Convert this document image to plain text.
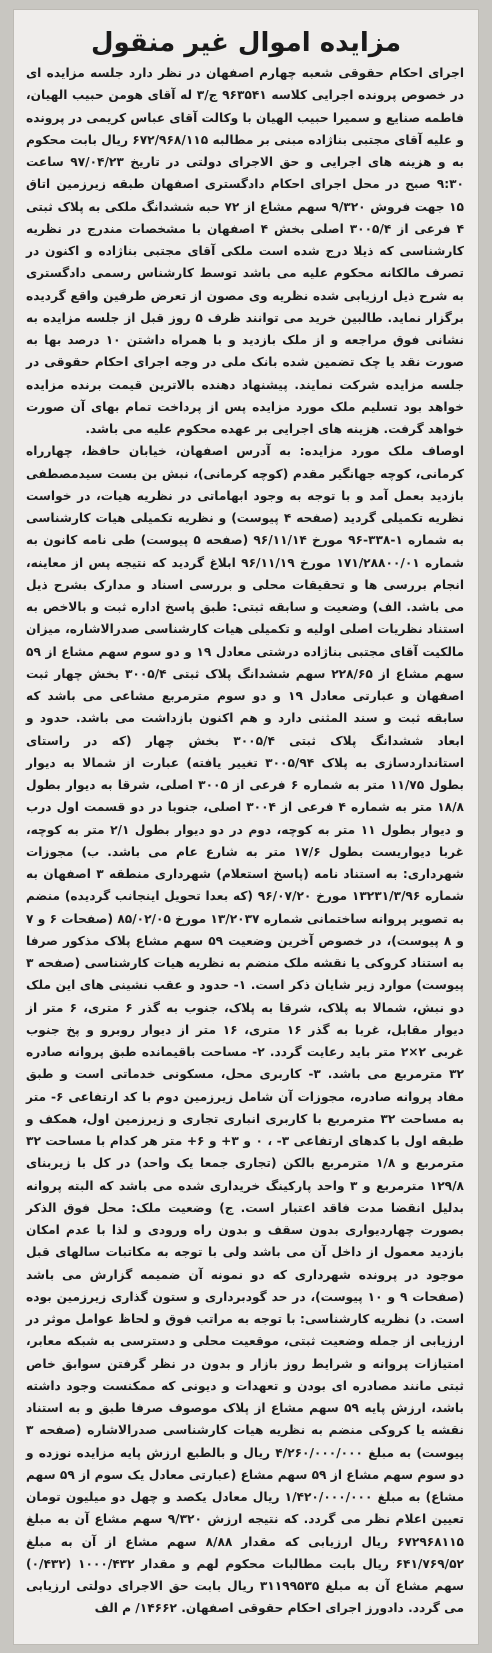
مزایده اموال غیر منقول

اجرای احکام حقوقی شعبه چهارم اصفهان در نظر دارد جلسه مزایده ای در خصوص پرونده اجرایی کلاسه ۹۶۳۵۴۱ ج/۳ له آقای هومن حبیب الهیان، فاطمه صنایع و سمیرا حبیب الهیان با وکالت آقای عباس کریمی در پرونده و علیه آقای مجتبی بناژاده مبنی بر مطالبه ۶۷۲/۹۶۸/۱۱۵ ریال بابت محکوم به و هزینه های اجرایی و حق الاجرای دولتی در تاریخ ۹۷/۰۴/۲۳ ساعت ۹:۳۰ صبح در محل اجرای احکام دادگستری اصفهان طبقه زیرزمین اتاق ۱۵ جهت فروش ۹/۳۲۰ سهم مشاع از ۷۲ حبه ششدانگ ملکی به پلاک ثبتی ۴ فرعی از ۳۰۰۵/۴ اصلی بخش ۴ اصفهان با مشخصات مندرج در نظریه کارشناسی که ذیلا درج شده است ملکی آقای مجتبی بناژاده و اکنون در تصرف مالکانه محکوم علیه می باشد توسط کارشناس رسمی دادگستری به شرح ذیل ارزیابی شده نظریه وی مصون از تعرض طرفین واقع گردیده برگزار نماید. طالبین خرید می توانند ظرف ۵ روز قبل از جلسه مزایده به نشانی فوق مراجعه و از ملک بازدید و با همراه داشتن ۱۰ درصد بها به صورت نقد یا چک تضمین شده بانک ملی در وجه اجرای احکام حقوقی در جلسه مزایده شرکت نمایند. پیشنهاد دهنده بالاترین قیمت برنده مزایده خواهد بود تسلیم ملک مورد مزایده پس از پرداخت تمام بهای آن صورت خواهد گرفت. هزینه های اجرایی بر عهده محکوم علیه می باشد.
اوصاف ملک مورد مزایده: به آدرس اصفهان، خیابان حافظ، چهارراه کرمانی، کوچه جهانگیر مقدم (کوچه کرمانی)، نبش بن بست سیدمصطفی بازدید بعمل آمد و با توجه به وجود ابهاماتی در نظریه هیات، در خواست نظریه تکمیلی گردید (صفحه ۴ پیوست) و نظریه تکمیلی هیات کارشناسی به شماره ۱-۳۳۸-۹۶ مورخ ۹۶/۱۱/۱۴ (صفحه ۵ پیوست) طی نامه کانون به شماره ۱۷۱/۲۸۸۰۰/۰۱ مورخ ۹۶/۱۱/۱۹ ابلاغ گردید که نتیجه پس از معاینه، انجام بررسی ها و تحقیقات محلی و بررسی اسناد و مدارک بشرح ذیل می باشد. الف) وضعیت و سابقه ثبتی: طبق پاسخ اداره ثبت و بالاخص به استناد نظریات اصلی اولیه و تکمیلی هیات کارشناسی صدرالاشاره، میزان مالکیت آقای مجتبی بناژاده درشتی معادل ۱۹ و دو سوم سهم مشاع از ۵۹ سهم مشاع از ۲۲۸/۶۵ سهم ششدانگ پلاک ثبتی ۳۰۰۵/۴ بخش چهار ثبت اصفهان و عبارتی معادل ۱۹ و دو سوم مترمربع مشاعی می باشد که سابقه ثبت و سند المثنی دارد و هم اکنون بازداشت می باشد. حدود و ابعاد ششدانگ پلاک ثبتی ۳۰۰۵/۴ بخش چهار (که در راستای استانداردسازی به پلاک ۳۰۰۵/۹۴ تغییر یافته) عبارت از شمالا به دیوار بطول ۱۱/۷۵ متر به شماره ۶ فرعی از ۳۰۰۵ اصلی، شرقا به دیوار بطول ۱۸/۸ متر به شماره ۴ فرعی از ۳۰۰۴ اصلی، جنوبا در دو قسمت اول درب و دیوار بطول ۱۱ متر به کوچه، دوم در دو دیوار بطول ۲/۱ متر به کوچه، غربا دیواریست بطول ۱۷/۶ متر به شارع عام می باشد. ب) مجوزات شهرداری: به استناد نامه (پاسخ استعلام) شهرداری منطقه ۳ اصفهان به شماره ۱۳۲۳۱/۳/۹۶ مورخ ۹۶/۰۷/۲۰ (که بعدا تحویل اینجانب گردیده) منضم به تصویر پروانه ساختمانی شماره ۱۳/۲۰۳۷ مورخ ۸۵/۰۲/۰۵ (صفحات ۶ و ۷ و ۸ پیوست)، در خصوص آخرین وضعیت ۵۹ سهم مشاع پلاک مذکور صرفا به استناد کروکی یا نقشه ملک منضم به نظریه هیات کارشناسی (صفحه ۳ پیوست) موارد زیر شایان ذکر است. ۱- حدود و عقب نشینی های این ملک دو نبش، شمالا به پلاک، شرقا به پلاک، جنوب به گذر ۶ متری، ۶ متر از دیوار مقابل، غربا به گذر ۱۶ متری، ۱۶ متر از دیوار روبرو و پخ جنوب غربی ۲×۲ متر باید رعایت گردد. ۲- مساحت باقیمانده طبق پروانه صادره ۳۲ مترمربع می باشد. ۳- کاربری محل، مسکونی خدماتی است و طبق مفاد پروانه صادره، مجوزات آن شامل زیرزمین دوم با کد ارتفاعی ۶- متر به مساحت ۳۲ مترمربع با کاربری انباری تجاری و زیرزمین اول، همکف و طبقه اول با کدهای ارتفاعی ۳- ، ۰ و ۳+ و ۶+ متر هر کدام با مساحت ۳۲ مترمربع و ۱/۸ مترمربع بالکن (تجاری جمعا یک واحد) در کل با زیربنای ۱۲۹/۸ مترمربع و ۳ واحد پارکینگ خریداری شده می باشد که البته پروانه بدلیل انقضا مدت فاقد اعتبار است. ج) وضعیت ملک: محل فوق الذکر بصورت چهاردیواری بدون سقف و بدون راه ورودی و لذا با عدم امکان بازدید معمول از داخل آن می باشد ولی با توجه به مکاتبات سالهای قبل موجود در پرونده شهرداری که دو نمونه آن ضمیمه گزارش می باشد (صفحات ۹ و ۱۰ پیوست)، در حد گودبرداری و ستون گذاری زیرزمین بوده است. د) نظریه کارشناسی: با توجه به مراتب فوق و لحاظ عوامل موثر در ارزیابی از جمله وضعیت ثبتی، موقعیت محلی و دسترسی به شبکه معابر، امتیازات پروانه و شرایط روز بازار و بدون در نظر گرفتن سوابق خاص ثبتی مانند مصادره ای بودن و تعهدات و دیونی که ممکنست وجود داشته باشد، ارزش پایه ۵۹ سهم مشاع از پلاک موصوف صرفا طبق و به استناد نقشه یا کروکی منضم به نظریه هیات کارشناسی صدرالاشاره (صفحه ۳ پیوست) به مبلغ ۴/۲۶۰/۰۰۰/۰۰۰ ریال و بالطبع ارزش پایه مزایده نوزده و دو سوم سهم مشاع از ۵۹ سهم مشاع (عبارتی معادل یک سوم از ۵۹ سهم مشاع) به مبلغ ۱/۴۲۰/۰۰۰/۰۰۰ ریال معادل یکصد و چهل دو میلیون تومان تعیین اعلام نظر می گردد. که نتیجه ارزش ۹/۳۲۰ سهم مشاع آن به مبلغ ۶۷۲۹۶۸۱۱۵ ریال ارزیابی که مقدار ۸/۸۸ سهم مشاع از آن به مبلغ ۶۴۱/۷۶۹/۵۲ ریال بابت مطالبات محکوم لهم و مقدار ۱۰۰۰/۴۳۲ (۰/۴۳۲) سهم مشاع آن به مبلغ ۳۱۱۹۹۵۳۵ ریال بابت حق الاجرای دولتی ارزیابی می گردد. دادورز اجرای احکام حقوقی اصفهان. ۱۴۶۶۲/ م الف
